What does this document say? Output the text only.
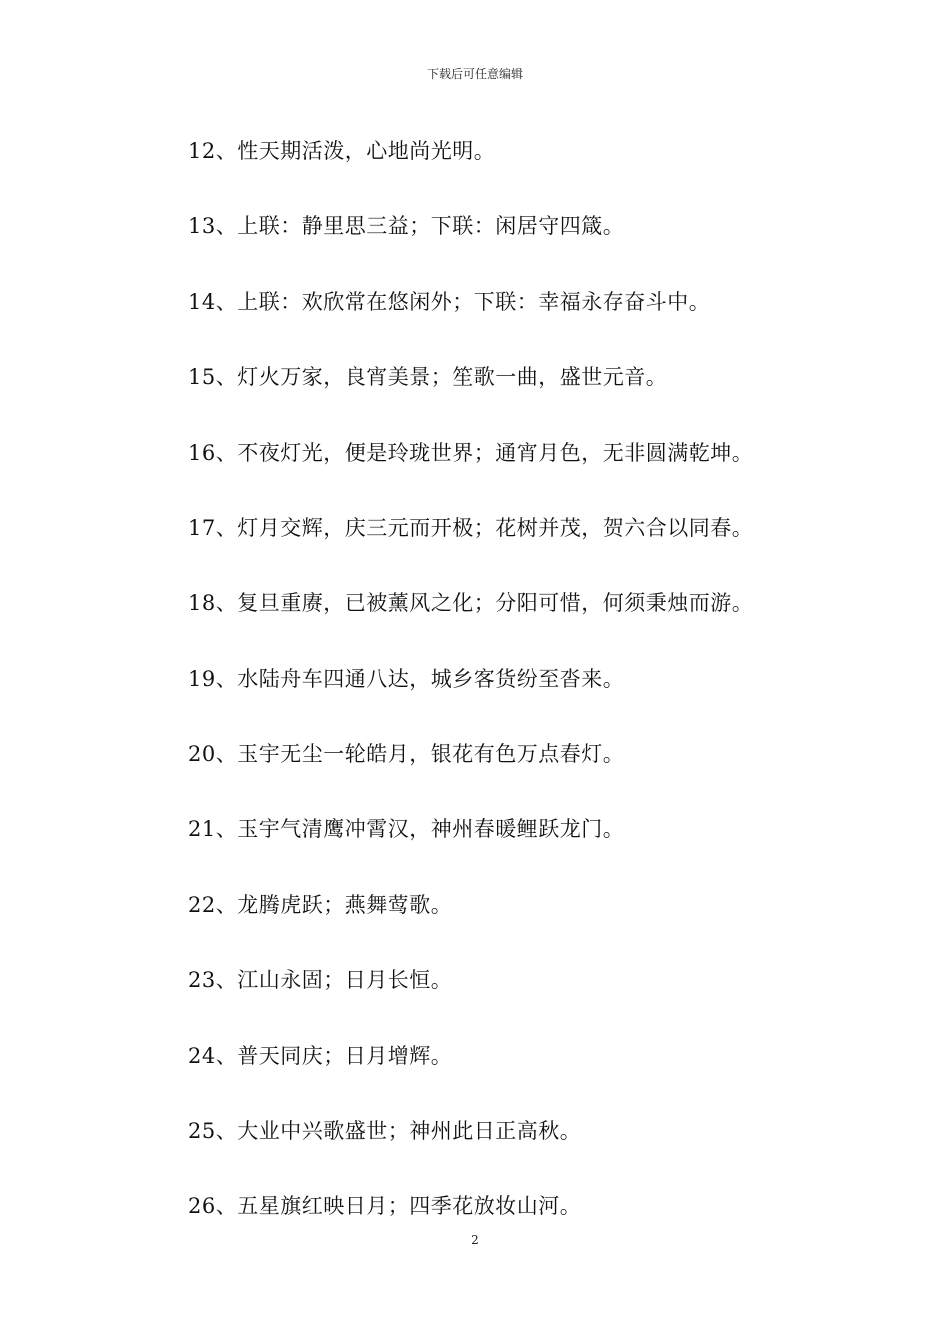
下载后可任意编辑
12、性天期活泼，心地尚光明。
13、上联：静里思三益；下联：闲居守四箴。
14、上联：欢欣常在悠闲外；下联：幸福永存奋斗中。
15、灯火万家，良宵美景；笙歌一曲，盛世元音。
16、不夜灯光，便是玲珑世界；通宵月色，无非圆满乾坤。
17、灯月交辉，庆三元而开极；花树并茂，贺六合以同春。
18、复旦重赓，已被薰风之化；分阳可惜，何须秉烛而游。
19、水陆舟车四通八达，城乡客货纷至沓来。
20、玉宇无尘一轮皓月，银花有色万点春灯。
21、玉宇气清鹰冲霄汉，神州春暖鲤跃龙门。
22、龙腾虎跃；燕舞莺歌。
23、江山永固；日月长恒。
24、普天同庆；日月增辉。
25、大业中兴歌盛世；神州此日正高秋。
26、五星旗红映日月；四季花放妆山河。
2
